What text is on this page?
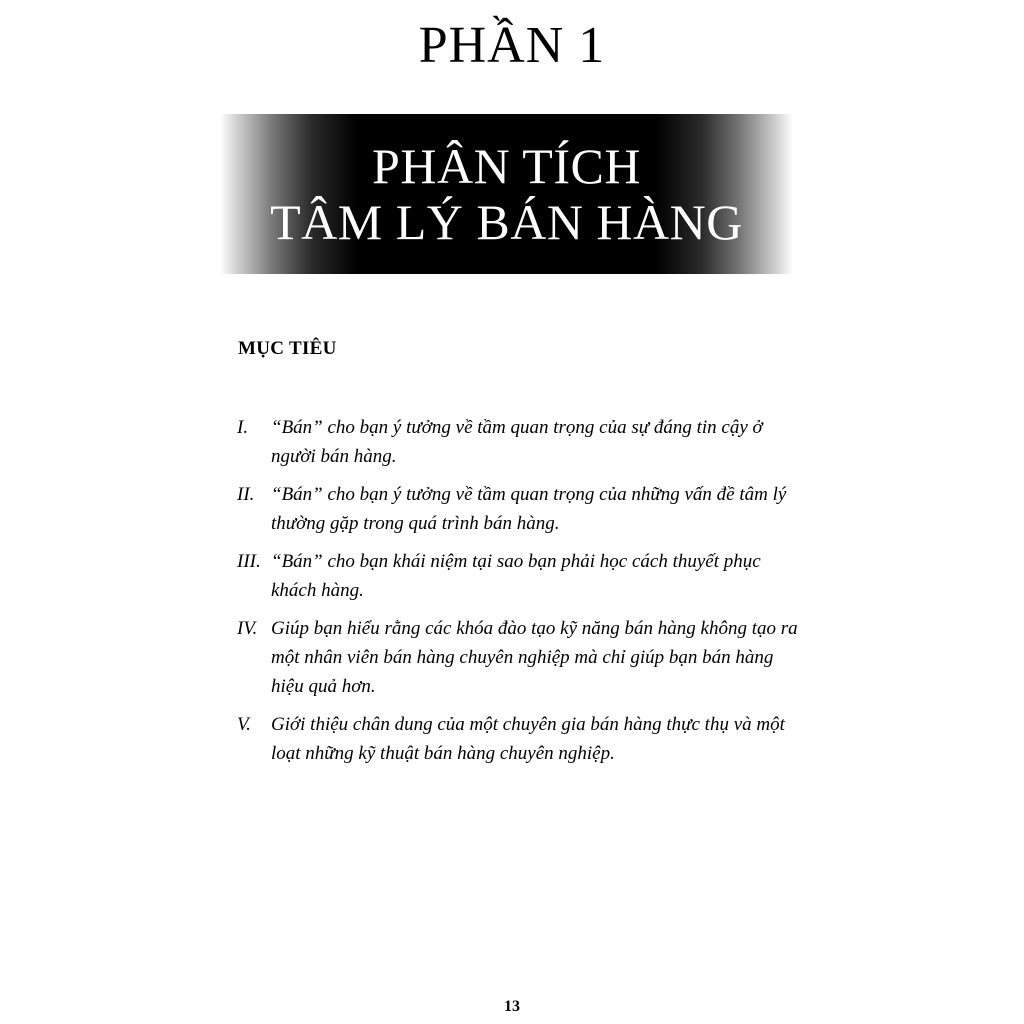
PHẦN 1
PHÂN TÍCH
TÂM LÝ BÁN HÀNG
MỤC TIÊU
I. “Bán” cho bạn ý tưởng về tầm quan trọng của sự đáng tin cậy ở người bán hàng.
II. “Bán” cho bạn ý tưởng về tầm quan trọng của những vấn đề tâm lý thường gặp trong quá trình bán hàng.
III. “Bán” cho bạn khái niệm tại sao bạn phải học cách thuyết phục khách hàng.
IV. Giúp bạn hiểu rằng các khóa đào tạo kỹ năng bán hàng không tạo ra một nhân viên bán hàng chuyên nghiệp mà chỉ giúp bạn bán hàng hiệu quả hơn.
V. Giới thiệu chân dung của một chuyên gia bán hàng thực thụ và một loạt những kỹ thuật bán hàng chuyên nghiệp.
13
